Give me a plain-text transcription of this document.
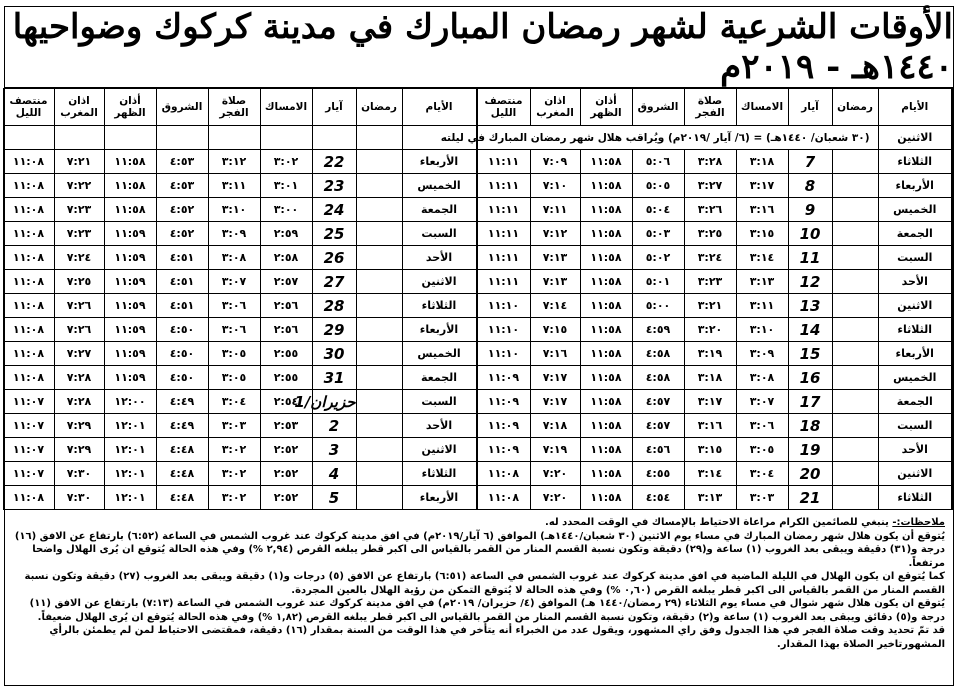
الأوقات الشرعية لشهر رمضان المبارك في مدينة كركوك وضواحيها ١٤٤٠هـ - ٢٠١٩م
الأيام	رمضان	آيار	الامساك	صلاة الفجر	الشروق	أذان الظهر	اذان المغرب	منتصف الليل
الاثنين	(٣٠ شعبان/ ١٤٤٠هـ) = (٦/ آيار /٢٠١٩م) ويُراقب هلال شهر رمضان المبارك في ليلته							
الثلاثاء		7	٣:١٨	٣:٢٨	٥:٠٦	١١:٥٨	٧:٠٩	١١:١١
الأربعاء		8	٣:١٧	٣:٢٧	٥:٠٥	١١:٥٨	٧:١٠	١١:١١
الخميس		9	٣:١٦	٣:٢٦	٥:٠٤	١١:٥٨	٧:١١	١١:١١
الجمعة		10	٣:١٥	٣:٢٥	٥:٠٣	١١:٥٨	٧:١٢	١١:١١
السبت		11	٣:١٤	٣:٢٤	٥:٠٢	١١:٥٨	٧:١٣	١١:١١
الأحد		12	٣:١٣	٣:٢٣	٥:٠١	١١:٥٨	٧:١٣	١١:١١
الاثنين		13	٣:١١	٣:٢١	٥:٠٠	١١:٥٨	٧:١٤	١١:١٠
الثلاثاء		14	٣:١٠	٣:٢٠	٤:٥٩	١١:٥٨	٧:١٥	١١:١٠
الأربعاء		15	٣:٠٩	٣:١٩	٤:٥٨	١١:٥٨	٧:١٦	١١:١٠
الخميس		16	٣:٠٨	٣:١٨	٤:٥٨	١١:٥٨	٧:١٧	١١:٠٩
الجمعة		17	٣:٠٧	٣:١٧	٤:٥٧	١١:٥٨	٧:١٧	١١:٠٩
السبت		18	٣:٠٦	٣:١٦	٤:٥٧	١١:٥٨	٧:١٨	١١:٠٩
الأحد		19	٣:٠٥	٣:١٥	٤:٥٦	١١:٥٨	٧:١٩	١١:٠٩
الاثنين		20	٣:٠٤	٣:١٤	٤:٥٥	١١:٥٨	٧:٢٠	١١:٠٨
الثلاثاء		21	٣:٠٣	٣:١٣	٤:٥٤	١١:٥٨	٧:٢٠	١١:٠٨
الأيام	رمضان	آيار	الامساك	صلاة الفجر	الشروق	أذان الظهر	اذان المغرب	منتصف الليل

الأربعاء		22	٣:٠٢	٣:١٢	٤:٥٣	١١:٥٨	٧:٢١	١١:٠٨
الخميس		23	٣:٠١	٣:١١	٤:٥٣	١١:٥٨	٧:٢٢	١١:٠٨
الجمعة		24	٣:٠٠	٣:١٠	٤:٥٢	١١:٥٨	٧:٢٣	١١:٠٨
السبت		25	٢:٥٩	٣:٠٩	٤:٥٢	١١:٥٩	٧:٢٣	١١:٠٨
الأحد		26	٢:٥٨	٣:٠٨	٤:٥١	١١:٥٩	٧:٢٤	١١:٠٨
الاثنين		27	٢:٥٧	٣:٠٧	٤:٥١	١١:٥٩	٧:٢٥	١١:٠٨
الثلاثاء		28	٢:٥٦	٣:٠٦	٤:٥١	١١:٥٩	٧:٢٦	١١:٠٨
الأربعاء		29	٢:٥٦	٣:٠٦	٤:٥٠	١١:٥٩	٧:٢٦	١١:٠٨
الخميس		30	٢:٥٥	٣:٠٥	٤:٥٠	١١:٥٩	٧:٢٧	١١:٠٨
الجمعة		31	٢:٥٥	٣:٠٥	٤:٥٠	١١:٥٩	٧:٢٨	١١:٠٨
السبت		حزيران/1	٢:٥٤	٣:٠٤	٤:٤٩	١٢:٠٠	٧:٢٨	١١:٠٧
الأحد		2	٢:٥٣	٣:٠٣	٤:٤٩	١٢:٠١	٧:٢٩	١١:٠٧
الاثنين		3	٢:٥٢	٣:٠٢	٤:٤٨	١٢:٠١	٧:٢٩	١١:٠٧
الثلاثاء		4	٢:٥٢	٣:٠٢	٤:٤٨	١٢:٠١	٧:٣٠	١١:٠٧
الأربعاء		5	٢:٥٢	٣:٠٢	٤:٤٨	١٢:٠١	٧:٣٠	١١:٠٨

ملاحظات:- ينبغي للصائمين الكرام مراعاة الاحتياط بالإمساك في الوقت المحدد له.

يُتوقع أن يكون هلال شهر رمضان المبارك في مساء يوم الاثنين (٣٠ شعبان/١٤٤٠هـ) الموافق (٦ آيار/٢٠١٩م) في افق مدينة كركوك عند غروب الشمس في الساعة (٦:٥٢) بارتفاع عن الافق (١٦) درجة و(٣١) دقيقة ويبقى بعد الغروب (١) ساعة و(٢٩) دقيقة وتكون نسبة القسم المنار من القمر بالقياس الى اكبر قطر يبلغه القرص (٢,٩٤ %) وفي هذه الحالة يُتوقع ان يُرى الهلال واضحا مرتفعاً.

كما يُتوقع ان يكون الهلال في الليلة الماضية في افق مدينة كركوك عند غروب الشمس في الساعة (٦:٥١) بارتفاع عن الافق (٥) درجات و(١) دقيقة ويبقى بعد الغروب (٢٧) دقيقة وتكون نسبة القسم المنار من القمر بالقياس الى اكبر قطر يبلغه القرص (٠,٦٠ %) وفي هذه الحالة لا يُتوقع التمكن من رؤية الهلال بالعين المجردة.

يُتوقع ان يكون هلال شهر شوال في مساء يوم الثلاثاء (٢٩ رمضان/١٤٤٠ هـ) الموافق (٤/ حزيران/ ٢٠١٩م) في افق مدينة كركوك عند غروب الشمس في الساعة (٧:١٣) بارتفاع عن الافق (١١) درجة و(٥) دقائق ويبقى بعد الغروب (١) ساعة و(٢) دقيقة، وتكون نسبة القسم المنار من القمر بالقياس الى اكبر قطر يبلغه القرص (١,٨٢ %) وفي هذه الحالة يُتوقع ان يُرى الهلال ضعيفاً.

قد تمّ تحديد وقت صلاة الفجر في هذا الجدول وفق راي المشهور، ويقول عدد من الخبراء أنه يتأخر في هذا الوقت من السنة بمقدار (١٦) دقيقة، فمقتضى الاحتياط لمن لم يطمئن بالرأي المشهورتاخير الصلاة بهذا المقدار.
